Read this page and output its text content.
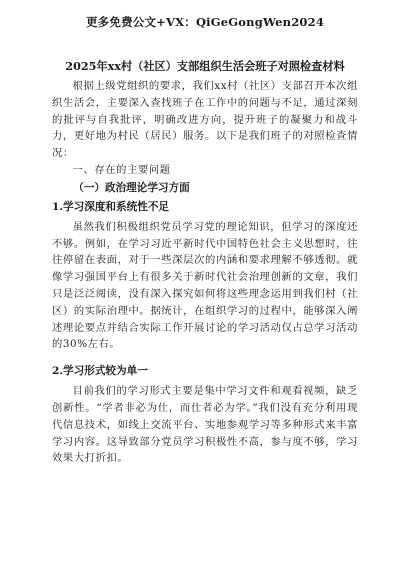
更多免费公文+VX：QiGeGongWen2024
2025年xx村（社区）支部组织生活会班子对照检查材料

根据上级党组织的要求，我们xx村（社区）支部召开本次组织生活会，主要深入查找班子在工作中的问题与不足，通过深刻的批评与自我批评，明确改进方向，提升班子的凝聚力和战斗力，更好地为村民（居民）服务。以下是我们班子的对照检查情况：

一、存在的主要问题

（一）政治理论学习方面

1.学习深度和系统性不足

虽然我们积极组织党员学习党的理论知识，但学习的深度还不够。例如，在学习习近平新时代中国特色社会主义思想时，往往停留在表面，对于一些深层次的内涵和要求理解不够透彻。就像学习强国平台上有很多关于新时代社会治理创新的文章，我们只是泛泛阅读，没有深入探究如何将这些理念运用到我们村（社区）的实际治理中。据统计，在组织学习的过程中，能够深入阐述理论要点并结合实际工作开展讨论的学习活动仅占总学习活动的30%左右。

2.学习形式较为单一

目前我们的学习形式主要是集中学习文件和观看视频，缺乏创新性。“学者非必为仕，而仕者必为学。”我们没有充分利用现代信息技术，如线上交流平台、实地参观学习等多种形式来丰富学习内容。这导致部分党员学习积极性不高，参与度不够，学习效果大打折扣。
